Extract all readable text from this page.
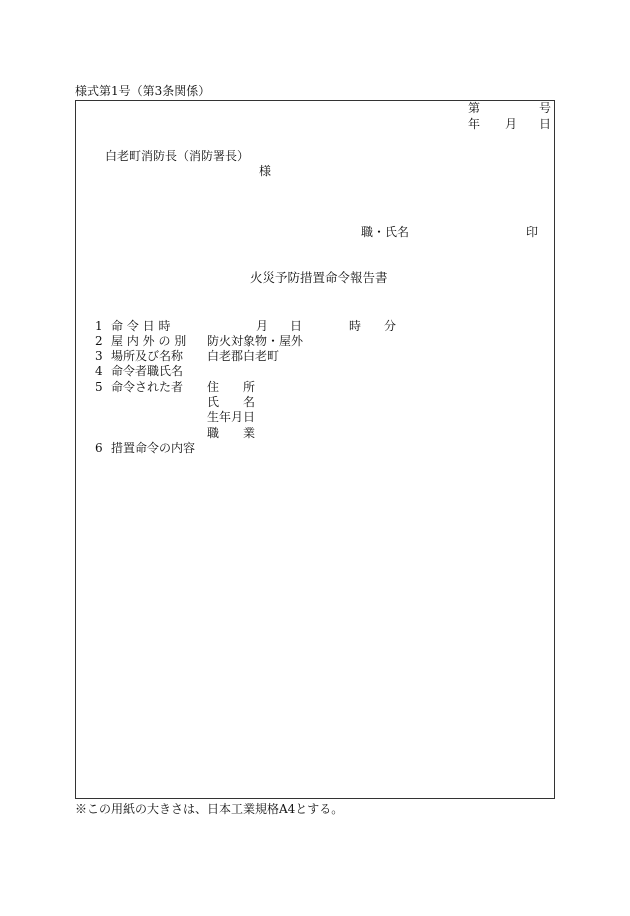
様式第1号（第3条関係）
第	号
年 月 日
白老町消防長（消防署長）
様
職・氏名	印
火災予防措置命令報告書
1 命 令 日 時	月 日	時 分
2 屋 内 外 の 別 防火対象物・屋外
3 場所及び名称 白老郡白老町
4 命令者職氏名
5 命令された者 住　　所
氏　　名
生年月日
職　　業
6 措置命令の内容
※この用紙の大きさは、日本工業規格A4とする。
